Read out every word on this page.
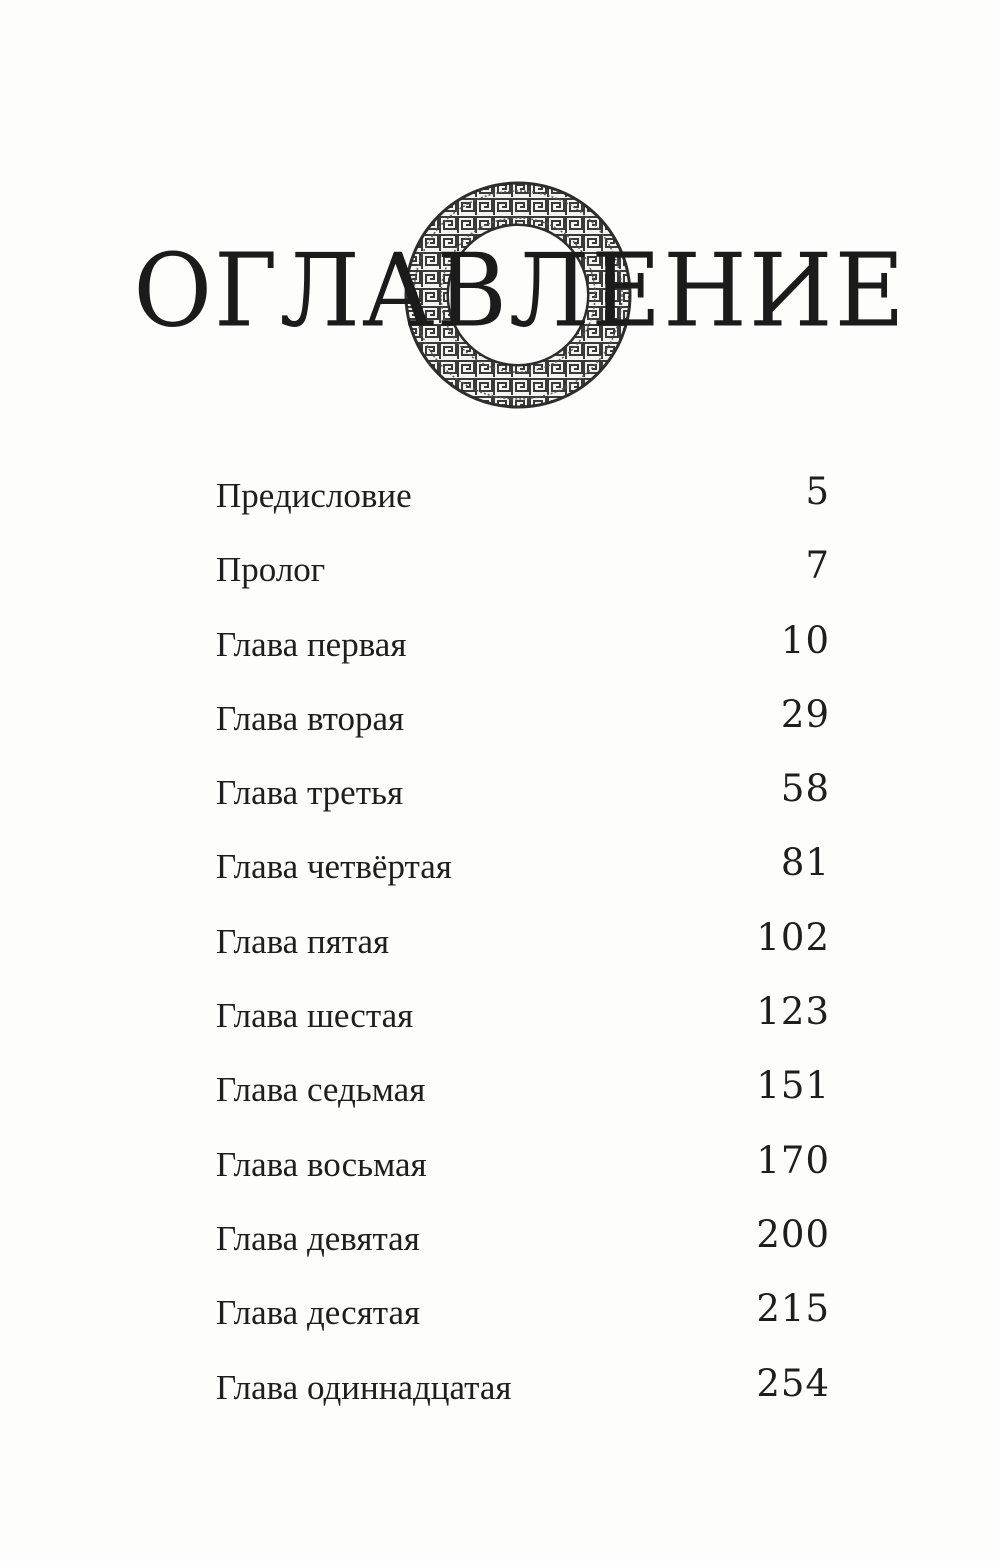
ОГЛАВЛЕНИЕ
Предисловие	5
Пролог	7
Глава первая	10
Глава вторая	29
Глава третья	58
Глава четвёртая	81
Глава пятая	102
Глава шестая	123
Глава седьмая	151
Глава восьмая	170
Глава девятая	200
Глава десятая	215
Глава одиннадцатая	254
